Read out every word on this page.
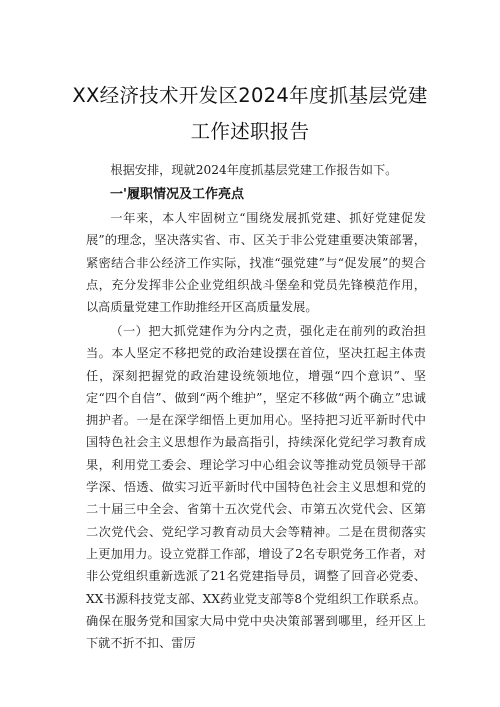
XX经济技术开发区2024年度抓基层党建
工作述职报告

根据安排，现就2024年度抓基层党建工作报告如下。

一'履职情况及工作亮点

一年来，本人牢固树立“围绕发展抓党建、抓好党建促发展”的理念，坚决落实省、市、区关于非公党建重要决策部署，紧密结合非公经济工作实际，找准“强党建”与“促发展”的契合点，充分发挥非公企业党组织战斗堡垒和党员先锋模范作用，以高质量党建工作助推经开区高质量发展。

（一）把大抓党建作为分内之责，强化走在前列的政治担当。本人坚定不移把党的政治建设摆在首位，坚决扛起主体责任，深刻把握党的政治建设统领地位，增强“四个意识”、坚定“四个自信”、做到“两个维护”，坚定不移做“两个确立”忠诚拥护者。一是在深学细悟上更加用心。坚持把习近平新时代中国特色社会主义思想作为最高指引，持续深化党纪学习教育成果，利用党工委会、理论学习中心组会议等推动党员领导干部学深、悟透、做实习近平新时代中国特色社会主义思想和党的二十届三中全会、省第十五次党代会、市第五次党代会、区第二次党代会、党纪学习教育动员大会等精神。二是在贯彻落实上更加用力。设立党群工作部，增设了2名专职党务工作者，对非公党组织重新选派了21名党建指导员，调整了回音必党委、XX书源科技党支部、XX药业党支部等8个党组织工作联系点。确保在服务党和国家大局中党中央决策部署到哪里，经开区上下就不折不扣、雷厉
